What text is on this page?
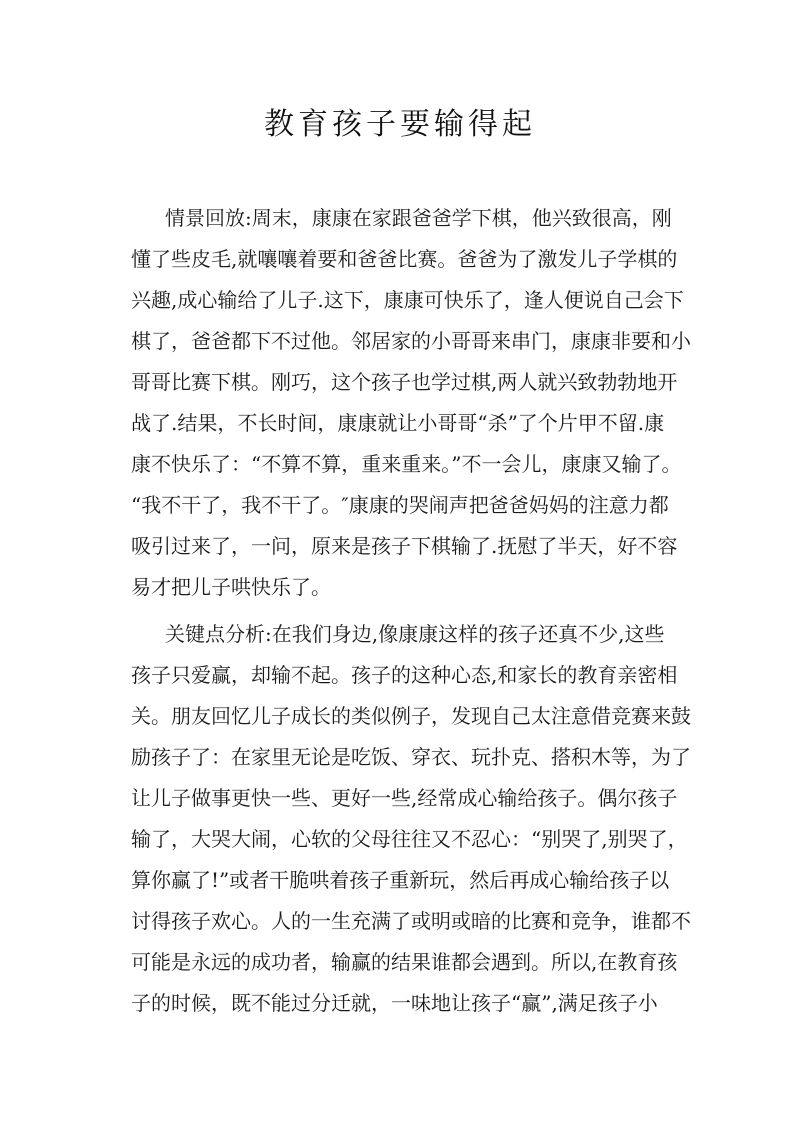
教育孩子要输得起
情景回放:周末，康康在家跟爸爸学下棋，他兴致很高，刚
懂了些皮毛,就嚷嚷着要和爸爸比赛。爸爸为了激发儿子学棋的
兴趣,成心输给了儿子.这下，康康可快乐了，逢人便说自己会下
棋了，爸爸都下不过他。邻居家的小哥哥来串门，康康非要和小
哥哥比赛下棋。刚巧，这个孩子也学过棋,两人就兴致勃勃地开
战了.结果，不长时间，康康就让小哥哥“杀”了个片甲不留.康
康不快乐了：“不算不算，重来重来。”不一会儿，康康又输了。
“我不干了，我不干了。″康康的哭闹声把爸爸妈妈的注意力都
吸引过来了，一问，原来是孩子下棋输了.抚慰了半天，好不容
易才把儿子哄快乐了。
关键点分析:在我们身边,像康康这样的孩子还真不少,这些
孩子只爱赢，却输不起。孩子的这种心态,和家长的教育亲密相
关。朋友回忆儿子成长的类似例子，发现自己太注意借竞赛来鼓
励孩子了：在家里无论是吃饭、穿衣、玩扑克、搭积木等，为了
让儿子做事更快一些、更好一些,经常成心输给孩子。偶尔孩子
输了，大哭大闹，心软的父母往往又不忍心：“别哭了,别哭了，
算你赢了!”或者干脆哄着孩子重新玩，然后再成心输给孩子以
讨得孩子欢心。人的一生充满了或明或暗的比赛和竞争，谁都不
可能是永远的成功者，输赢的结果谁都会遇到。所以,在教育孩
子的时候，既不能过分迁就，一味地让孩子“赢”,满足孩子小
